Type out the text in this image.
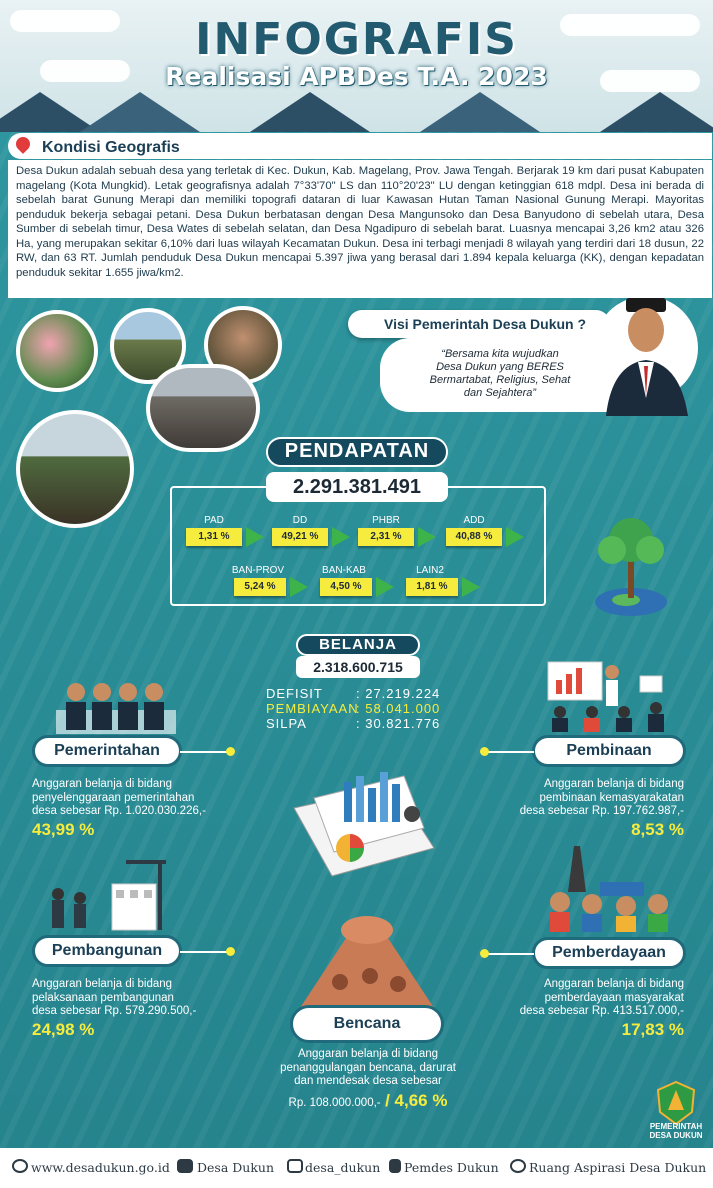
INFOGRAFIS
Realisasi APBDes T.A. 2023
Kondisi Geografis
Desa Dukun adalah sebuah desa yang terletak di Kec. Dukun, Kab. Magelang, Prov. Jawa Tengah. Berjarak 19 km dari pusat Kabupaten magelang (Kota Mungkid). Letak geografisnya adalah 7°33'70" LS dan 110°20'23" LU dengan ketinggian 618 mdpl. Desa ini berada di sebelah barat Gunung Merapi dan memiliki topografi dataran di luar Kawasan Hutan Taman Nasional Gunung Merapi. Mayoritas penduduk bekerja sebagai petani. Desa Dukun berbatasan dengan Desa Mangunsoko dan Desa Banyudono di sebelah utara, Desa Sumber di sebelah timur, Desa Wates di sebelah selatan, dan Desa Ngadipuro di sebelah barat. Luasnya mencapai 3,26 km2 atau 326 Ha, yang merupakan sekitar 6,10% dari luas wilayah Kecamatan Dukun. Desa ini terbagi menjadi 8 wilayah yang terdiri dari 18 dusun, 22 RW, dan 63 RT. Jumlah penduduk Desa Dukun mencapai 5.397 jiwa yang berasal dari 1.894 kepala keluarga (KK), dengan kepadatan penduduk sekitar 1.655 jiwa/km2.
Visi Pemerintah Desa Dukun ?
“Bersama kita wujudkan
Desa Dukun yang BERES
Bermartabat, Religius, Sehat
dan Sejahtera”
PENDAPATAN
2.291.381.491
PAD
1,31 %
DD
49,21 %
PHBR
2,31 %
ADD
40,88 %
BAN-PROV
5,24 %
BAN-KAB
4,50 %
LAIN2
1,81 %
BELANJA
2.318.600.715
DEFISIT	: 27.219.224
PEMBIAYAAN
: 58.041.000
SILPA	: 30.821.776
Pemerintahan
Anggaran belanja di bidang
penyelenggaraan pemerintahan
desa sebesar Rp. 1.020.030.226,-
43,99 %
Pembinaan
Anggaran belanja di bidang
pembinaan kemasyarakatan
desa sebesar Rp. 197.762.987,-
8,53 %
Pembangunan
Anggaran belanja di bidang
pelaksanaan pembangunan
desa sebesar Rp. 579.290.500,-
24,98 %
Pemberdayaan
Anggaran belanja di bidang
pemberdayaan masyarakat
desa sebesar Rp. 413.517.000,-
17,83 %
Bencana
Anggaran belanja di bidang
penanggulangan bencana, darurat
dan mendesak desa sebesar
Rp. 108.000.000,- / 4,66 %
PEMERINTAH
DESA DUKUN
www.desadukun.go.id Desa Dukun desa_dukun Pemdes Dukun Ruang Aspirasi Desa Dukun
